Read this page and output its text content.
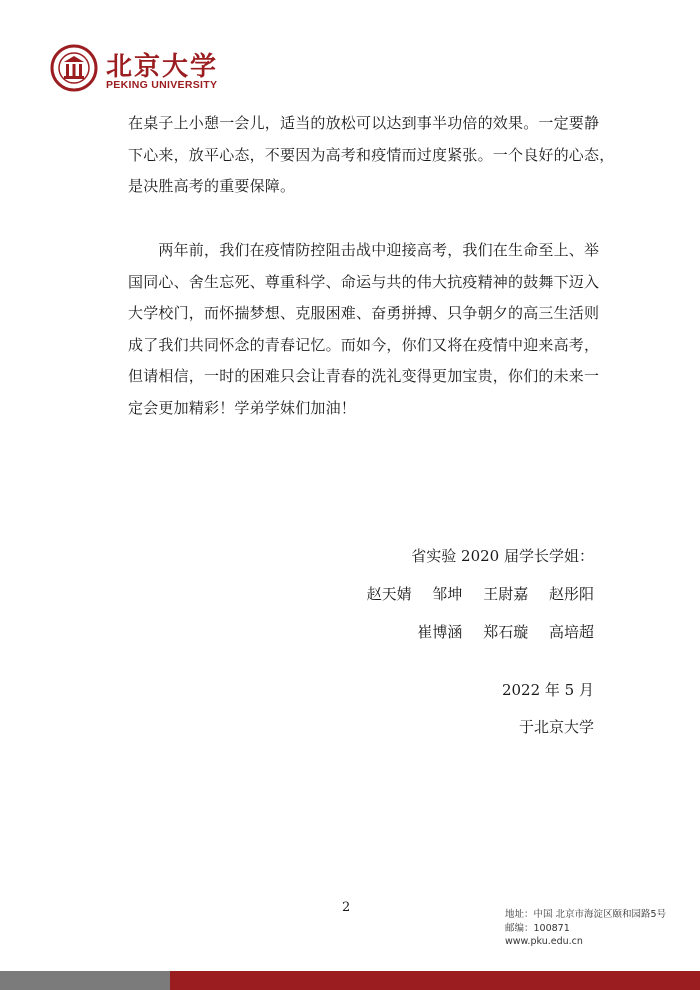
北京大学
PEKING UNIVERSITY

在桌子上小憩一会儿，适当的放松可以达到事半功倍的效果。一定要静

下心来，放平心态，不要因为高考和疫情而过度紧张。一个良好的心态，

是决胜高考的重要保障。

　　两年前，我们在疫情防控阻击战中迎接高考，我们在生命至上、举

国同心、舍生忘死、尊重科学、命运与共的伟大抗疫精神的鼓舞下迈入

大学校门，而怀揣梦想、克服困难、奋勇拼搏、只争朝夕的高三生活则

成了我们共同怀念的青春记忆。而如今，你们又将在疫情中迎来高考，

但请相信，一时的困难只会让青春的洗礼变得更加宝贵，你们的未来一

定会更加精彩！学弟学妹们加油！

省实验 2020 届学长学姐：
赵天婧 邹坤 王尉嘉 赵彤阳
崔博涵 郑石璇 高培超
2022 年 5 月
于北京大学
2	地址：中国 北京市海淀区颐和园路5号
邮编：100871
www.pku.edu.cn
